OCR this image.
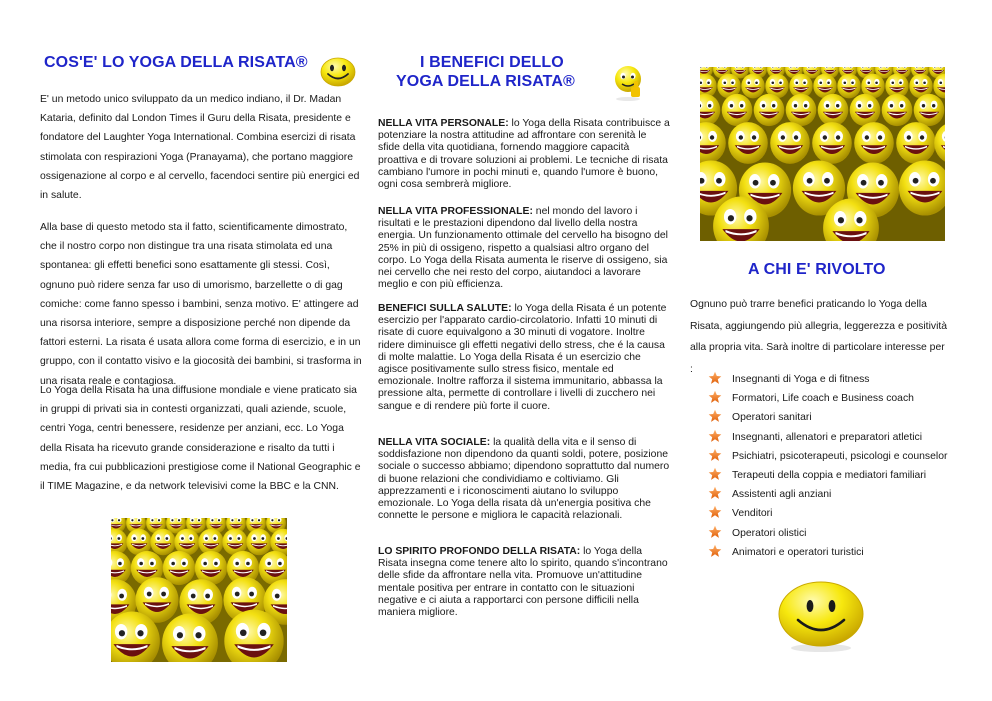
COS'E' LO YOGA DELLA RISATA®

E' un metodo unico sviluppato da un medico indiano, il Dr. Madan Kataria, definito dal London Times il Guru della Risata, presidente e fondatore del Laughter Yoga International. Combina esercizi di risata stimolata con respirazioni Yoga (Pranayama), che portano maggiore ossigenazione al corpo e al cervello, facendoci sentire più energici ed in salute.

Alla base di questo metodo sta il fatto, scientificamente dimostrato, che il nostro corpo non distingue tra una risata stimolata ed una spontanea: gli effetti benefici sono esattamente gli stessi. Così, ognuno può ridere senza far uso di umorismo, barzellette o di gag comiche: come fanno spesso i bambini, senza motivo. E' attingere ad una risorsa interiore, sempre a disposizione perché non dipende da fattori esterni. La risata é usata allora come forma di esercizio, e in un gruppo, con il contatto visivo e la giocosità dei bambini, si trasforma in una risata reale e contagiosa.

Lo Yoga della Risata ha una diffusione mondiale e viene praticato sia in gruppi di privati sia in contesti organizzati, quali aziende, scuole, centri Yoga, centri benessere, residenze per anziani, ecc. Lo Yoga della Risata ha ricevuto grande considerazione e risalto da tutti i media, fra cui pubblicazioni prestigiose come il National Geographic e il TIME Magazine, e da network televisivi come la BBC e la CNN.

I BENEFICI DELLO
YOGA DELLA RISATA®

NELLA VITA PERSONALE: lo Yoga della Risata contribuisce a potenziare la nostra attitudine ad affrontare con serenità le sfide della vita quotidiana, fornendo maggiore capacità proattiva e di trovare soluzioni ai problemi. Le tecniche di risata cambiano l'umore in pochi minuti e, quando l'umore è buono, ogni cosa sembrerà migliore.

NELLA VITA PROFESSIONALE: nel mondo del lavoro i risultati e le prestazioni dipendono dal livello della nostra energia. Un funzionamento ottimale del cervello ha bisogno del 25% in più di ossigeno, rispetto a qualsiasi altro organo del corpo. Lo Yoga della Risata aumenta le riserve di ossigeno, sia nei cervello che nei resto del corpo, aiutandoci a lavorare meglio e con più efficienza.

BENEFICI SULLA SALUTE: lo Yoga della Risata é un potente esercizio per l'apparato cardio-circolatorio. Infatti 10 minuti di risate di cuore equivalgono a 30 minuti di vogatore. Inoltre ridere diminuisce gli effetti negativi dello stress, che é la causa di molte malattie. Lo Yoga della Risata é un esercizio che agisce positivamente sullo stress fisico, mentale ed emozionale. Inoltre rafforza il sistema immunitario, abbassa la pressione alta, permette di controllare i livelli di zucchero nei sangue e di rendere più forte il cuore.

NELLA VITA SOCIALE: la qualità della vita e il senso di soddisfazione non dipendono da quanti soldi, potere, posizione sociale o successo abbiamo; dipendono soprattutto dal numero di buone relazioni che condividiamo e coltiviamo. Gli apprezzamenti e i riconoscimenti aiutano lo sviluppo emozionale. Lo Yoga della risata dà un'energia positiva che connette le persone e migliora le capacità relazionali.

LO SPIRITO PROFONDO DELLA RISATA: lo Yoga della Risata insegna come tenere alto lo spirito, quando s'incontrano delle sfide da affrontare nella vita. Promuove un'attitudine mentale positiva per entrare in contatto con le situazioni negative e ci aiuta a rapportarci con persone difficili nella maniera migliore.

A CHI E' RIVOLTO

Ognuno può trarre benefici praticando lo Yoga della Risata, aggiungendo più allegria, leggerezza e positività alla propria vita. Sarà inoltre di particolare interesse per :

Insegnanti di Yoga e di fitness
Formatori, Life coach e Business coach
Operatori sanitari
Insegnanti, allenatori e preparatori atletici
Psichiatri, psicoterapeuti, psicologi e counselor
Terapeuti della coppia e mediatori familiari
Assistenti agli anziani
Venditori
Operatori olistici
Animatori e operatori turistici
